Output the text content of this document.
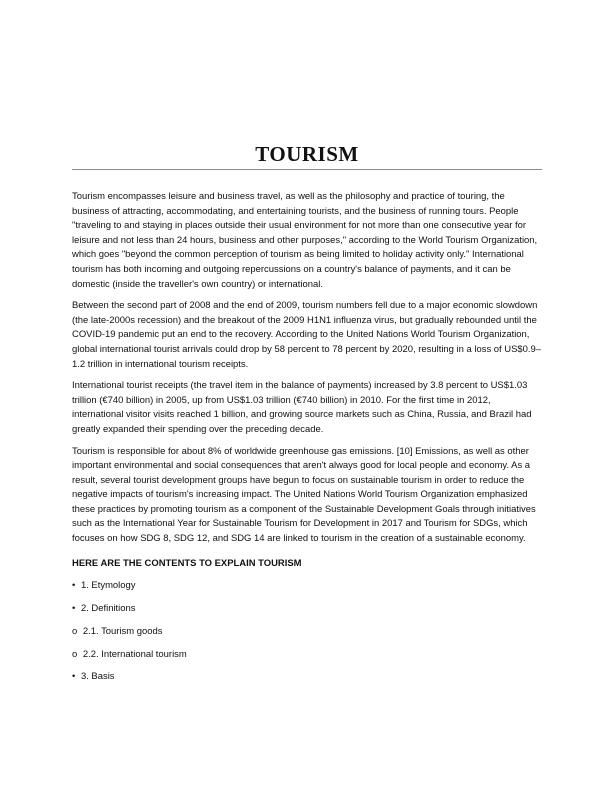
TOURISM

Tourism encompasses leisure and business travel, as well as the philosophy and practice of touring, the business of attracting, accommodating, and entertaining tourists, and the business of running tours. People "traveling to and staying in places outside their usual environment for not more than one consecutive year for leisure and not less than 24 hours, business and other purposes," according to the World Tourism Organization, which goes "beyond the common perception of tourism as being limited to holiday activity only." International tourism has both incoming and outgoing repercussions on a country's balance of payments, and it can be domestic (inside the traveller's own country) or international.

Between the second part of 2008 and the end of 2009, tourism numbers fell due to a major economic slowdown (the late-2000s recession) and the breakout of the 2009 H1N1 influenza virus, but gradually rebounded until the COVID-19 pandemic put an end to the recovery. According to the United Nations World Tourism Organization, global international tourist arrivals could drop by 58 percent to 78 percent by 2020, resulting in a loss of US$0.9–1.2 trillion in international tourism receipts.

International tourist receipts (the travel item in the balance of payments) increased by 3.8 percent to US$1.03 trillion (€740 billion) in 2005, up from US$1.03 trillion (€740 billion) in 2010. For the first time in 2012, international visitor visits reached 1 billion, and growing source markets such as China, Russia, and Brazil had greatly expanded their spending over the preceding decade.

Tourism is responsible for about 8% of worldwide greenhouse gas emissions. [10] Emissions, as well as other important environmental and social consequences that aren't always good for local people and economy. As a result, several tourist development groups have begun to focus on sustainable tourism in order to reduce the negative impacts of tourism's increasing impact. The United Nations World Tourism Organization emphasized these practices by promoting tourism as a component of the Sustainable Development Goals through initiatives such as the International Year for Sustainable Tourism for Development in 2017 and Tourism for SDGs, which focuses on how SDG 8, SDG 12, and SDG 14 are linked to tourism in the creation of a sustainable economy.

HERE ARE THE CONTENTS TO EXPLAIN TOURISM
• 1. Etymology
• 2. Definitions
o 2.1. Tourism goods
o 2.2. International tourism
• 3. Basis
